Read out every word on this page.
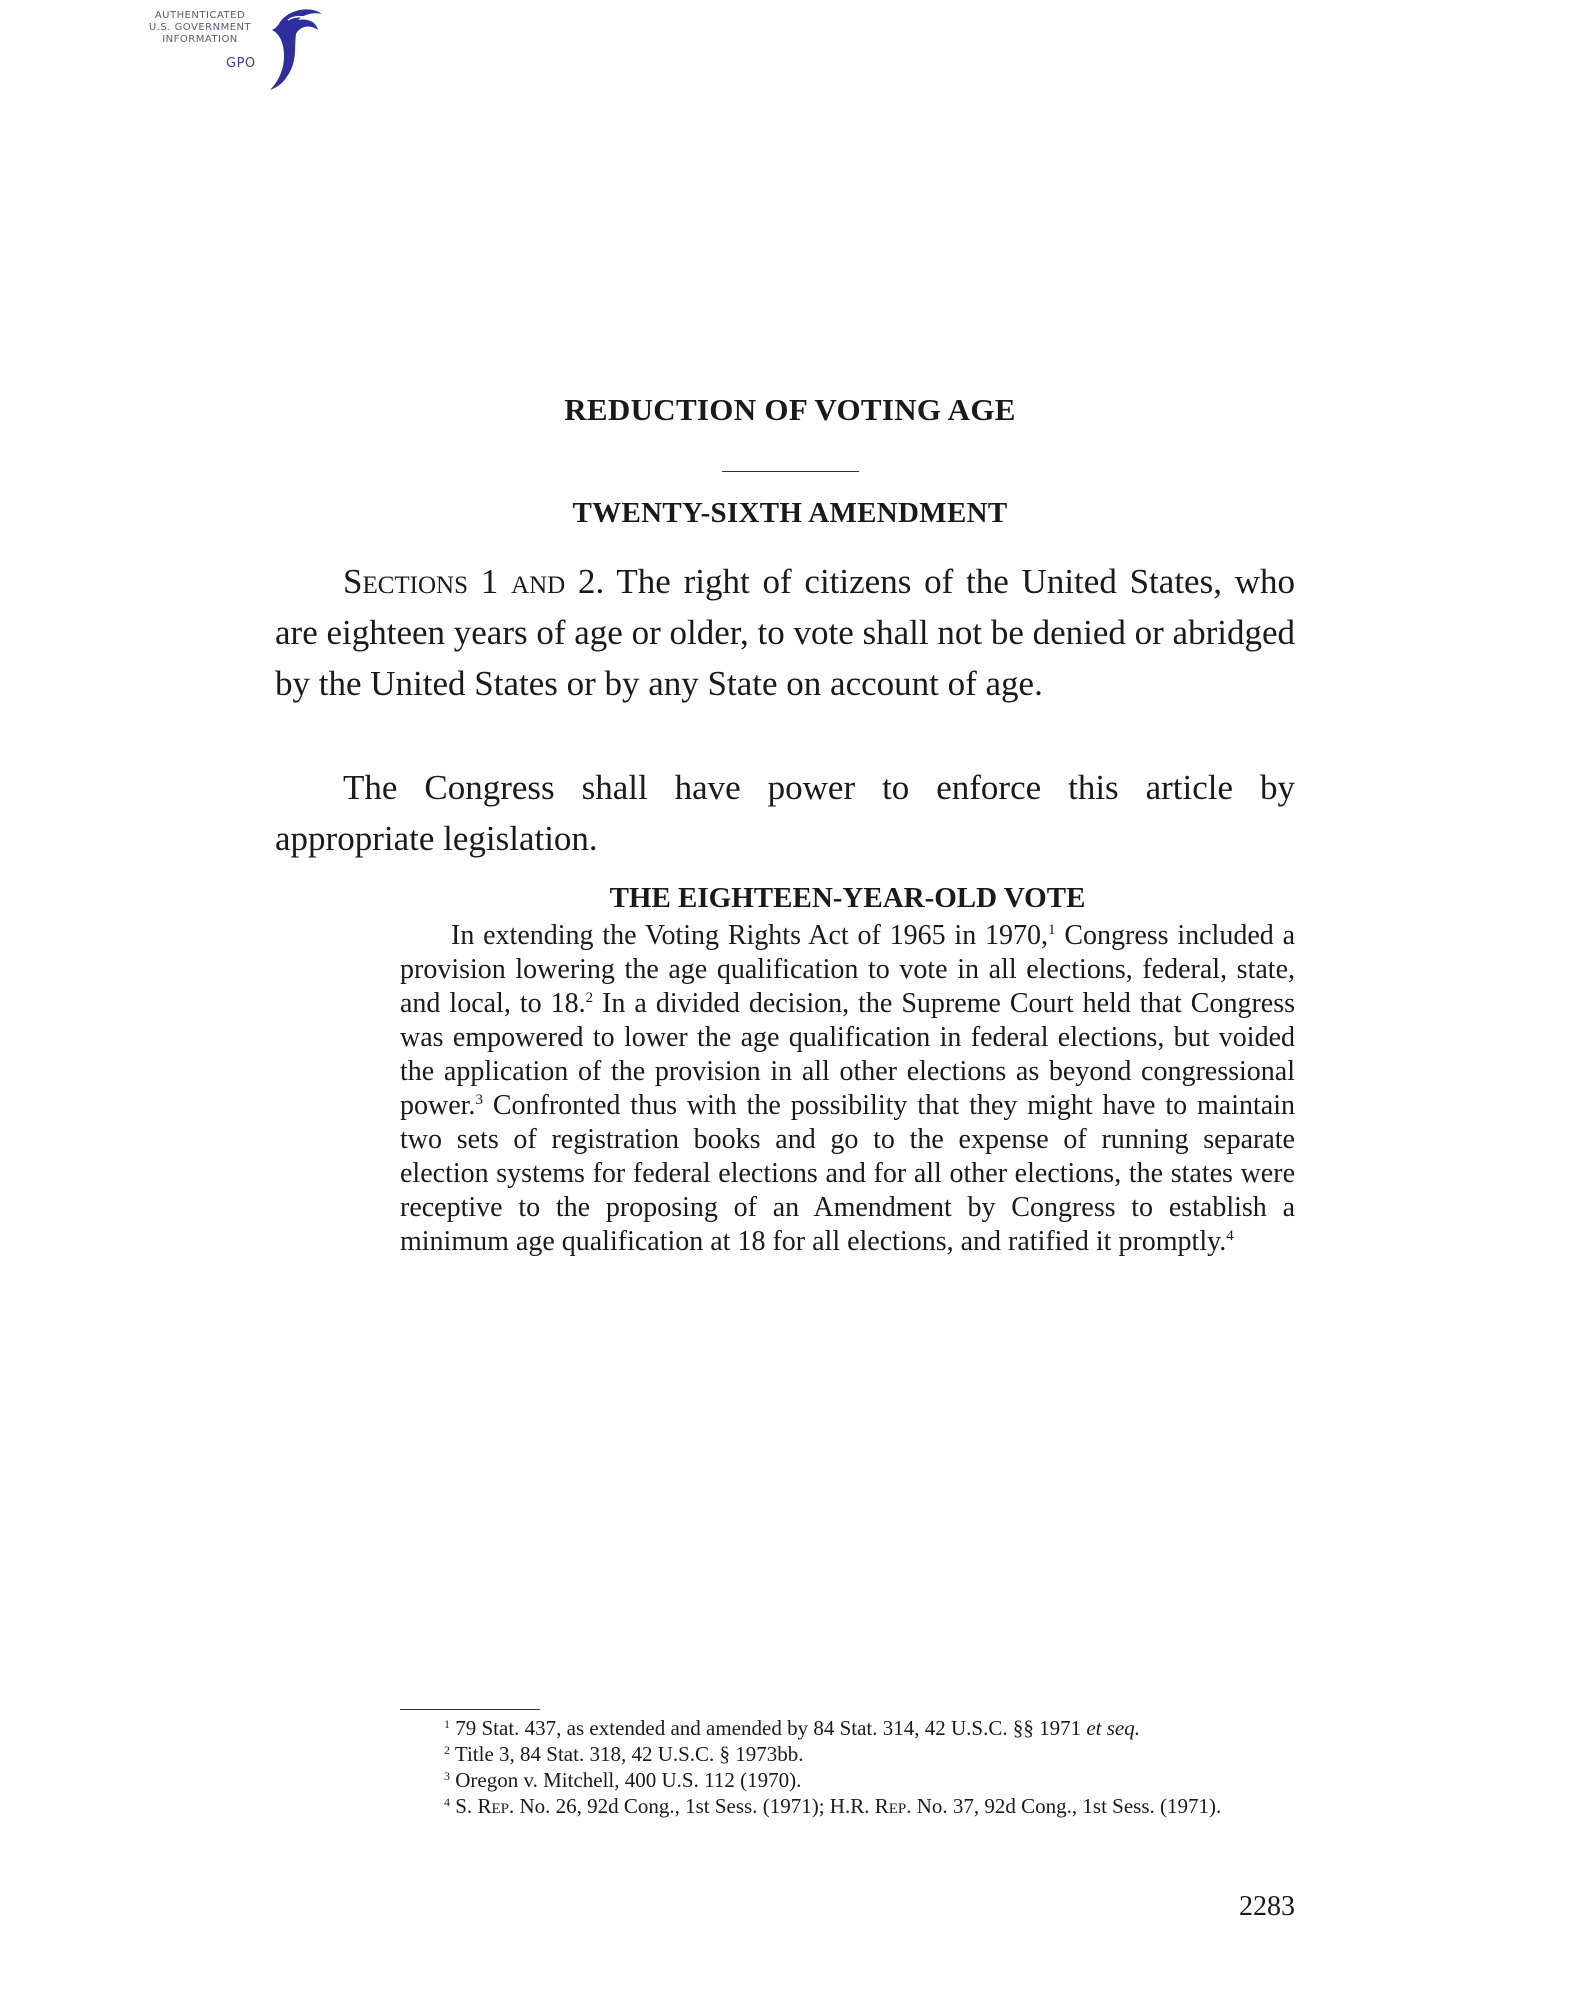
AUTHENTICATED
U.S. GOVERNMENT
INFORMATION
GPO
REDUCTION OF VOTING AGE
TWENTY-SIXTH AMENDMENT

Sections 1 and 2. The right of citizens of the United States, who are eighteen years of age or older, to vote shall not be denied or abridged by the United States or by any State on account of age.

The Congress shall have power to enforce this article by appropriate legislation.

THE EIGHTEEN-YEAR-OLD VOTE

In extending the Voting Rights Act of 1965 in 1970,$^1$ Congress included a provision lowering the age qualification to vote in all elections, federal, state, and local, to 18.$^2$ In a divided decision, the Supreme Court held that Congress was empowered to lower the age qualification in federal elections, but voided the application of the provision in all other elections as beyond congressional power.$^3$ Confronted thus with the possibility that they might have to maintain two sets of registration books and go to the expense of running separate election systems for federal elections and for all other elections, the states were receptive to the proposing of an Amendment by Congress to establish a minimum age qualification at 18 for all elections, and ratified it promptly.$^4$

$^1$ 79 Stat. 437, as extended and amended by 84 Stat. 314, 42 U.S.C. §§ 1971 et seq.

$^2$ Title 3, 84 Stat. 318, 42 U.S.C. § 1973bb.

$^3$ Oregon v. Mitchell, 400 U.S. 112 (1970).

$^4$ S. Rep. No. 26, 92d Cong., 1st Sess. (1971); H.R. Rep. No. 37, 92d Cong., 1st Sess. (1971).

2283
